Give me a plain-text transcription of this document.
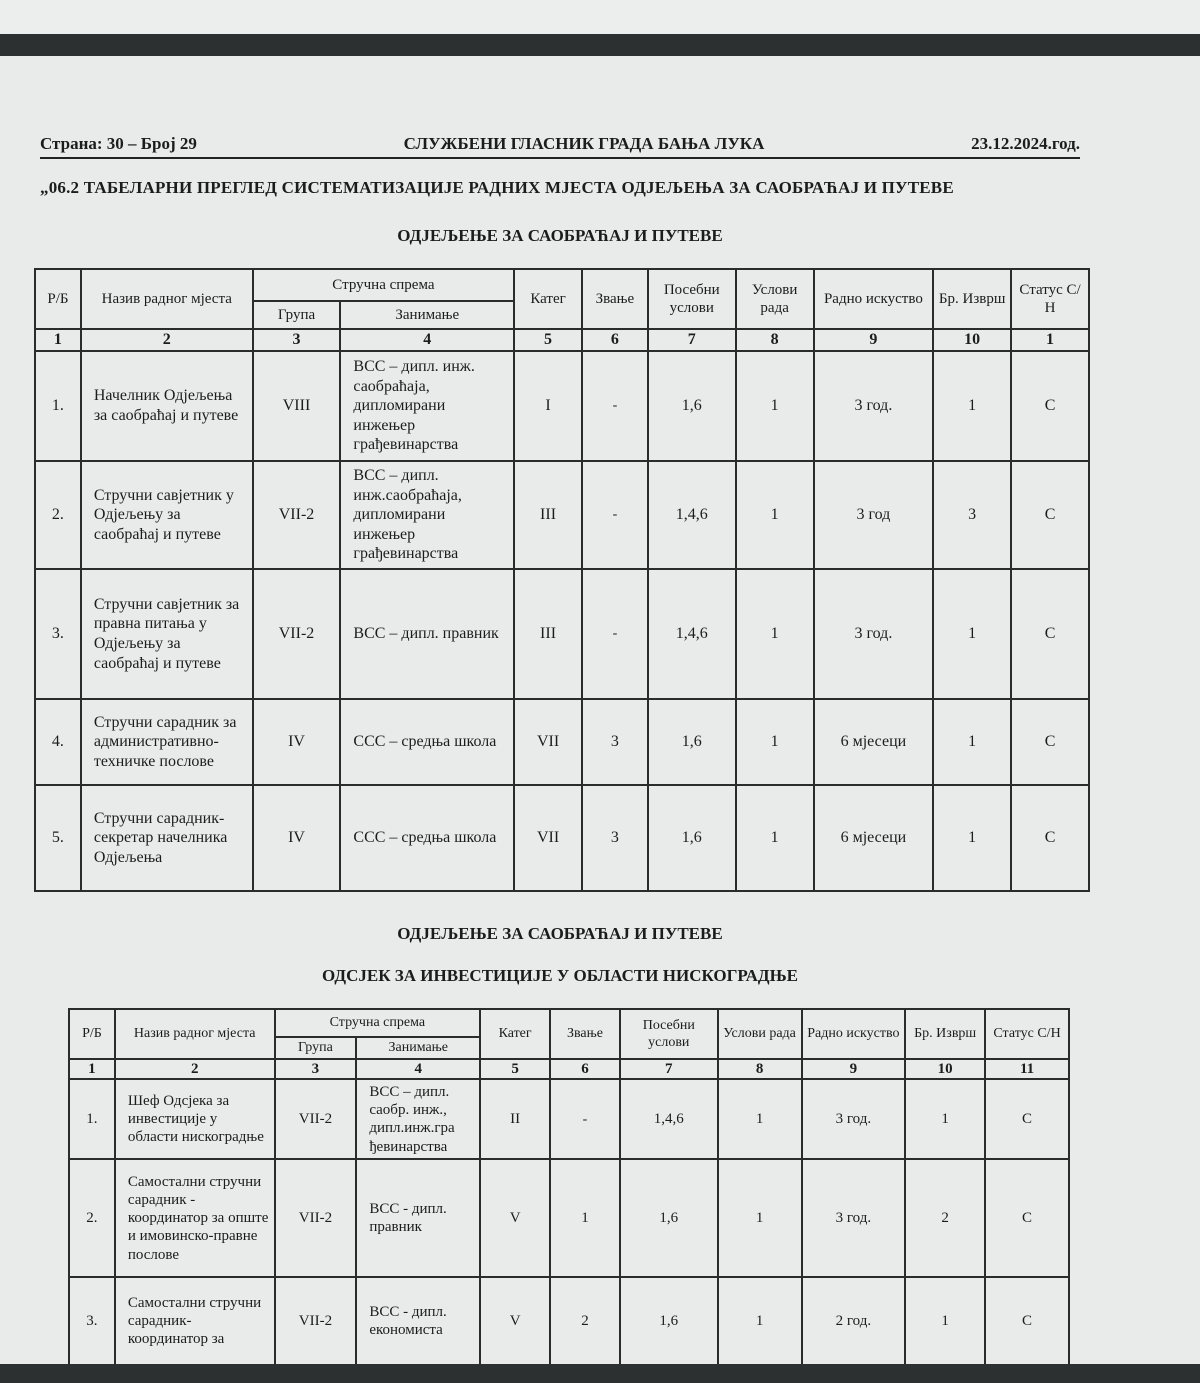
Страна: 30 – Број 29	СЛУЖБЕНИ ГЛАСНИК ГРАДА БАЊА ЛУКА	23.12.2024.год.
„06.2 ТАБЕЛАРНИ ПРЕГЛЕД СИСТЕМАТИЗАЦИЈЕ РАДНИХ МЈЕСТА ОДЈЕЉЕЊА ЗА САОБРАЋАЈ И ПУТЕВЕ
ОДЈЕЉЕЊЕ ЗА САОБРАЋАЈ И ПУТЕВЕ
Р/Б	Назив радног мјеста	Стручна спрема		Катег	Звање	Посебни услови	Услови рада	Радно искуство	Бр. Изврш	Статус С/Н
		Група	Занимање							
1	2	3	4	5	6	7	8	9	10	1
1.	Начелник Одјељења за саобраћај и путеве	VIII	ВСС – дипл. инж. саобраћаја, дипломирани инжењер грађевинарства	I	-	1,6	1	3 год.	1	С
2.	Стручни савјетник у Одјељењу за саобраћај и путеве	VII-2	ВСС – дипл. инж.саобраћаја, дипломирани инжењер грађевинарства	III	-	1,4,6	1	3 год	3	С
3.	Стручни савјетник за правна питања у Одјељењу за саобраћај и путеве	VII-2	ВСС – дипл. правник	III	-	1,4,6	1	3 год.	1	С
4.	Стручни сарадник за административно-техничке послове	IV	ССС – средња школа	VII	3	1,6	1	6 мјесеци	1	С
5.	Стручни сарадник- секретар начелника Одјељења	IV	ССС – средња школа	VII	3	1,6	1	6 мјесеци	1	С
ОДЈЕЉЕЊЕ ЗА САОБРАЋАЈ И ПУТЕВЕ
ОДСЈЕК ЗА ИНВЕСТИЦИЈЕ У ОБЛАСТИ НИСКОГРАДЊЕ
Р/Б	Назив радног мјеста	Стручна спрема		Катег	Звање	Посебни услови	Услови рада	Радно искуство	Бр. Изврш	Статус С/Н
		Група	Занимање							
1	2	3	4	5	6	7	8	9	10	11
1.	Шеф Одсјека за инвестиције у области нискоградње	VII-2	ВСС – дипл. саобр. инж., дипл.инж.гра ђевинарства	II	-	1,4,6	1	3 год.	1	С
2.	Самостални стручни сарадник - координатор за опште и имовинско-правне послове	VII-2	ВСС - дипл. правник	V	1	1,6	1	3 год.	2	С
3.	Самостални стручни сарадник- координатор за	VII-2	ВСС - дипл. економиста	V	2	1,6	1	2 год.	1	С
